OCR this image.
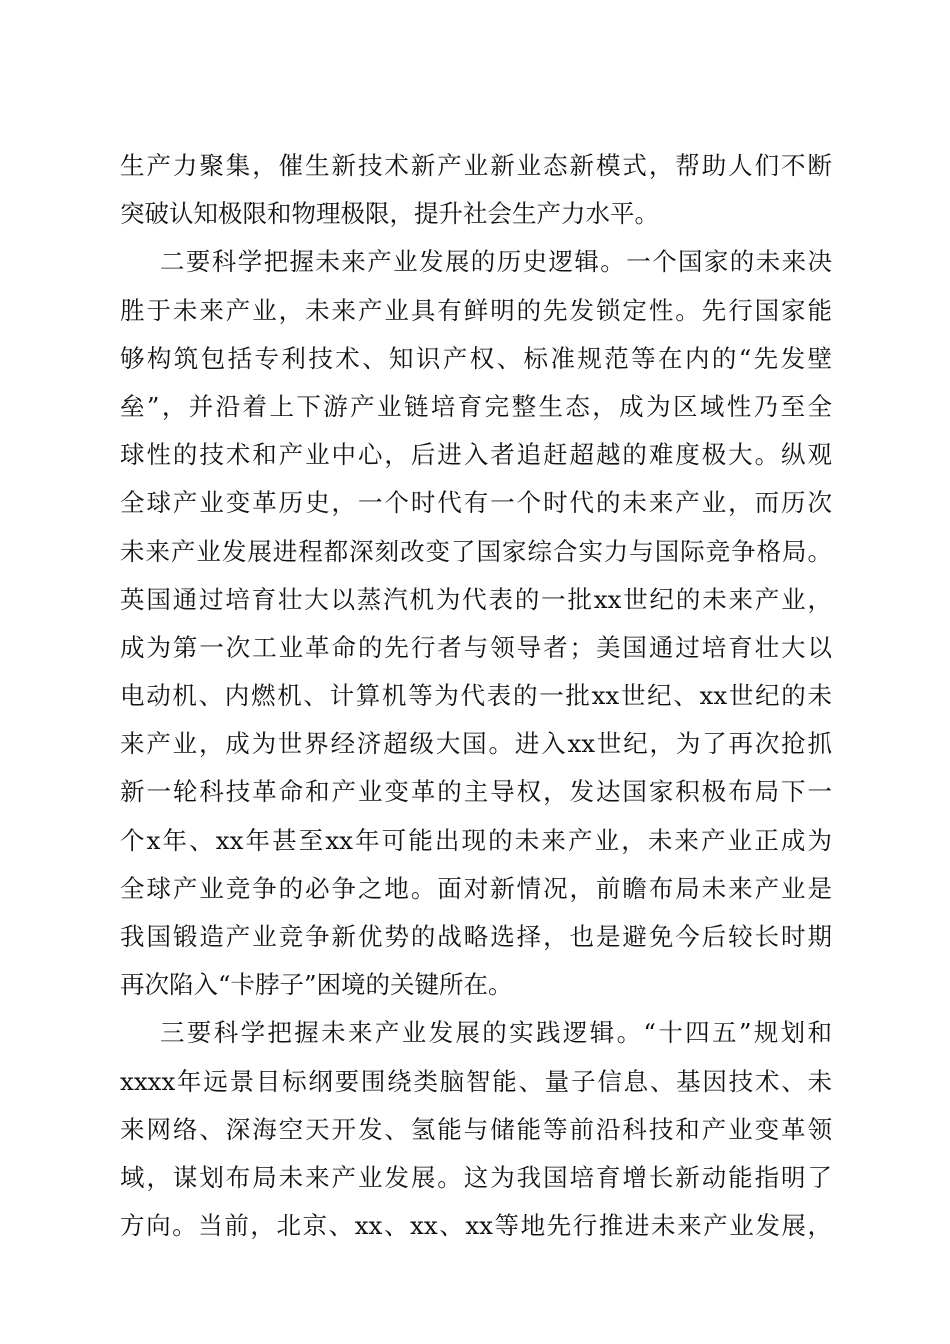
生产力聚集，催生新技术新产业新业态新模式，帮助人们不断
突破认知极限和物理极限，提升社会生产力水平。
二要科学把握未来产业发展的历史逻辑。一个国家的未来决
胜于未来产业，未来产业具有鲜明的先发锁定性。先行国家能
够构筑包括专利技术、知识产权、标准规范等在内的“先发壁
垒”，并沿着上下游产业链培育完整生态，成为区域性乃至全
球性的技术和产业中心，后进入者追赶超越的难度极大。纵观
全球产业变革历史，一个时代有一个时代的未来产业，而历次
未来产业发展进程都深刻改变了国家综合实力与国际竞争格局。
英国通过培育壮大以蒸汽机为代表的一批xx世纪的未来产业，
成为第一次工业革命的先行者与领导者；美国通过培育壮大以
电动机、内燃机、计算机等为代表的一批xx世纪、xx世纪的未
来产业，成为世界经济超级大国。进入xx世纪，为了再次抢抓
新一轮科技革命和产业变革的主导权，发达国家积极布局下一
个x年、xx年甚至xx年可能出现的未来产业，未来产业正成为
全球产业竞争的必争之地。面对新情况，前瞻布局未来产业是
我国锻造产业竞争新优势的战略选择，也是避免今后较长时期
再次陷入“卡脖子”困境的关键所在。
三要科学把握未来产业发展的实践逻辑。“十四五”规划和
xxxx年远景目标纲要围绕类脑智能、量子信息、基因技术、未
来网络、深海空天开发、氢能与储能等前沿科技和产业变革领
域，谋划布局未来产业发展。这为我国培育增长新动能指明了
方向。当前，北京、xx、xx、xx等地先行推进未来产业发展，
